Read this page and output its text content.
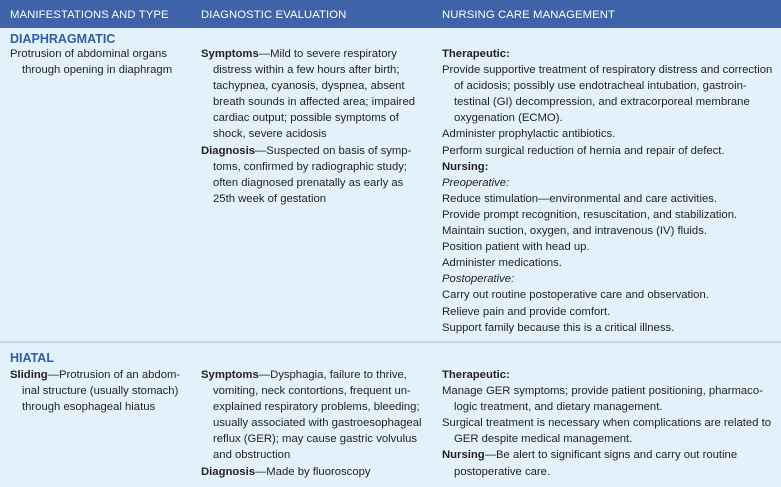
MANIFESTATIONS AND TYPE	DIAGNOSTIC EVALUATION	NURSING CARE MANAGEMENT
DIAPHRAGMATIC
Protrusion of abdominal organs
through opening in diaphragm
Symptoms—Mild to severe respiratory
distress within a few hours after birth;
tachypnea, cyanosis, dyspnea, absent
breath sounds in affected area; impaired
cardiac output; possible symptoms of
shock, severe acidosis
Diagnosis—Suspected on basis of symp-
toms, confirmed by radiographic study;
often diagnosed prenatally as early as
25th week of gestation
Therapeutic:
Provide supportive treatment of respiratory distress and correction
of acidosis; possibly use endotracheal intubation, gastroin-
testinal (GI) decompression, and extracorporeal membrane
oxygenation (ECMO).
Administer prophylactic antibiotics.
Perform surgical reduction of hernia and repair of defect.
Nursing:
Preoperative:
Reduce stimulation—environmental and care activities.
Provide prompt recognition, resuscitation, and stabilization.
Maintain suction, oxygen, and intravenous (IV) fluids.
Position patient with head up.
Administer medications.
Postoperative:
Carry out routine postoperative care and observation.
Relieve pain and provide comfort.
Support family because this is a critical illness.
HIATAL
Sliding—Protrusion of an abdom-
inal structure (usually stomach)
through esophageal hiatus
Symptoms—Dysphagia, failure to thrive,
vomiting, neck contortions, frequent un-
explained respiratory problems, bleeding;
usually associated with gastroesophageal
reflux (GER); may cause gastric volvulus
and obstruction
Diagnosis—Made by fluoroscopy
Therapeutic:
Manage GER symptoms; provide patient positioning, pharmaco-
logic treatment, and dietary management.
Surgical treatment is necessary when complications are related to
GER despite medical management.
Nursing—Be alert to significant signs and carry out routine
postoperative care.
